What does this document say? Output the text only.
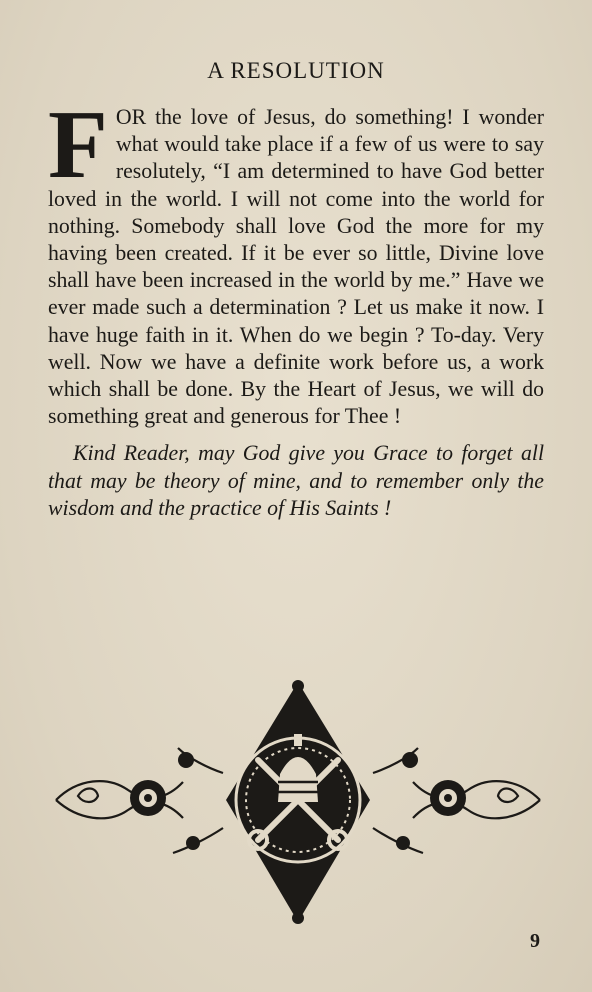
A RESOLUTION
FOR the love of Jesus, do something! I wonder what would take place if a few of us were to say resolutely, “I am determined to have God better loved in the world. I will not come into the world for nothing. Somebody shall love God the more for my having been created. If it be ever so little, Divine love shall have been increased in the world by me.” Have we ever made such a determination ? Let us make it now. I have huge faith in it. When do we begin ? To-day. Very well. Now we have a definite work before us, a work which shall be done. By the Heart of Jesus, we will do something great and generous for Thee !
Kind Reader, may God give you Grace to forget all that may be theory of mine, and to remember only the wisdom and the practice of His Saints !
9
